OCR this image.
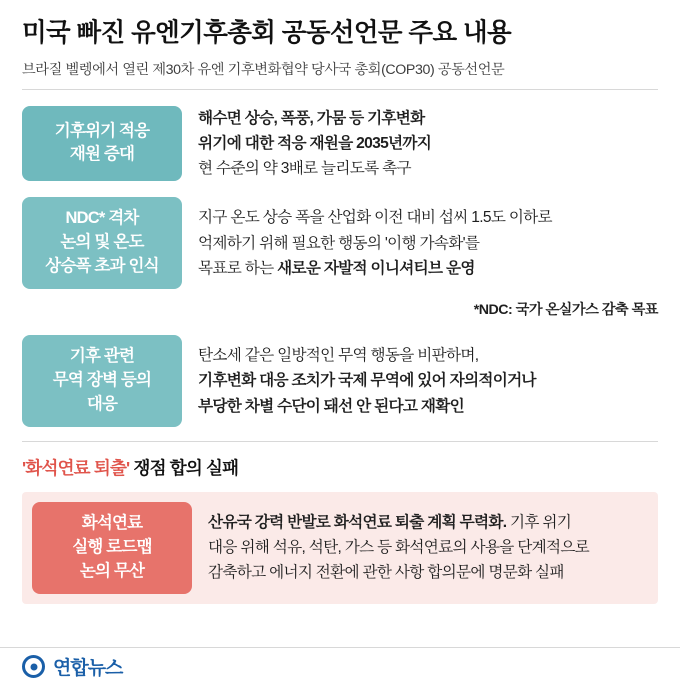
미국 빠진 유엔기후총회 공동선언문 주요 내용
브라질 벨렝에서 열린 제30차 유엔 기후변화협약 당사국 총회(COP30) 공동선언문
기후위기 적응
재원 증대
해수면 상승, 폭풍, 가뭄 등 기후변화
위기에 대한 적응 재원을 2035년까지
현 수준의 약 3배로 늘리도록 촉구
NDC* 격차
논의 및 온도
상승폭 초과 인식
지구 온도 상승 폭을 산업화 이전 대비 섭씨 1.5도 이하로
억제하기 위해 필요한 행동의 '이행 가속화'를
목표로 하는 새로운 자발적 이니셔티브 운영
*NDC: 국가 온실가스 감축 목표
기후 관련
무역 장벽 등의
대응
탄소세 같은 일방적인 무역 행동을 비판하며,
기후변화 대응 조치가 국제 무역에 있어 자의적이거나
부당한 차별 수단이 돼선 안 된다고 재확인
'화석연료 퇴출' 쟁점 합의 실패
화석연료
실행 로드맵
논의 무산
산유국 강력 반발로 화석연료 퇴출 계획 무력화. 기후 위기
대응 위해 석유, 석탄, 가스 등 화석연료의 사용을 단계적으로
감축하고 에너지 전환에 관한 사항 합의문에 명문화 실패
연합뉴스
